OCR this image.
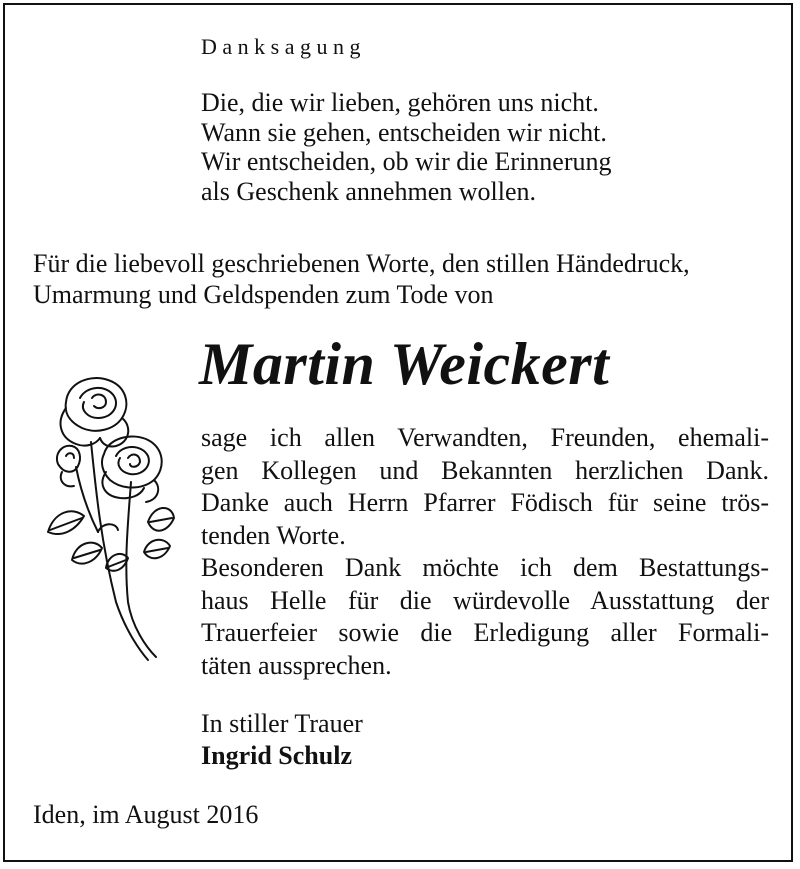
Danksagung
Die, die wir lieben, gehören uns nicht.
Wann sie gehen, entscheiden wir nicht.
Wir entscheiden, ob wir die Erinnerung
als Geschenk annehmen wollen.
Für die liebevoll geschriebenen Worte, den stillen Händedruck,
Umarmung und Geldspenden zum Tode von
Martin Weickert
sage ich allen Verwandten, Freunden, ehemali-
gen Kollegen und Bekannten herzlichen Dank.
Danke auch Herrn Pfarrer Födisch für seine trös-
tenden Worte.
Besonderen Dank möchte ich dem Bestattungs-
haus Helle für die würdevolle Ausstattung der
Trauerfeier sowie die Erledigung aller Formali-
täten aussprechen.
In stiller Trauer
Ingrid Schulz
Iden, im August 2016
